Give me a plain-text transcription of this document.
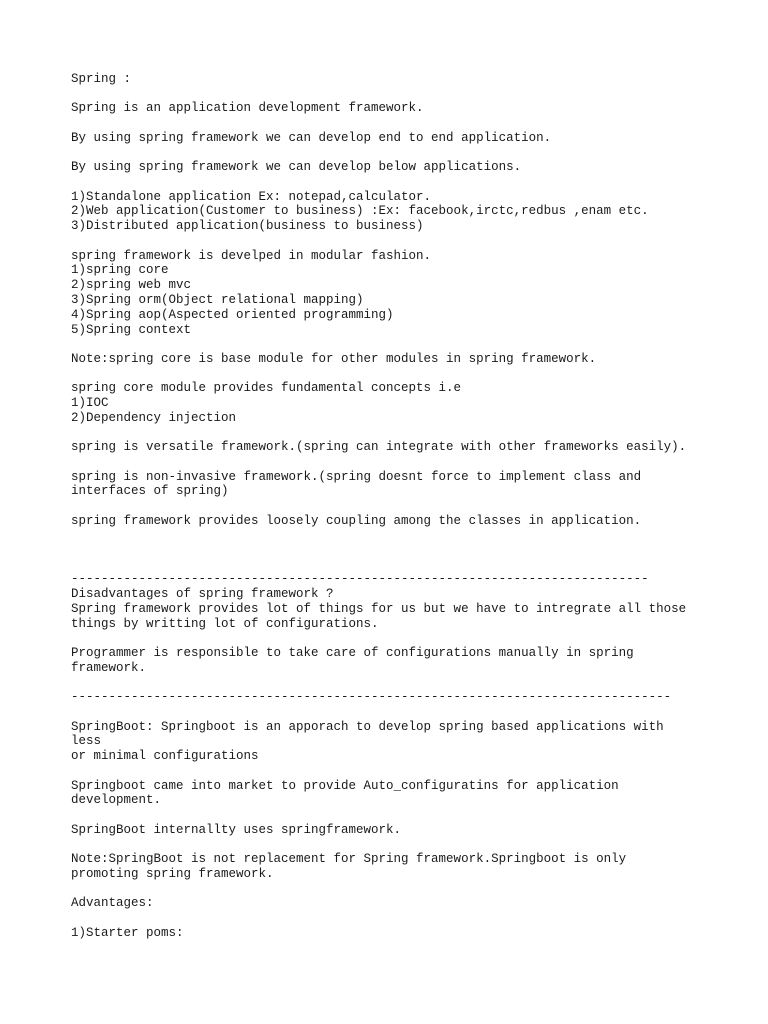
Spring :
Spring is an application development framework.
By using spring framework we can develop end to end application.
By using spring framework we can develop below applications.
1)Standalone application Ex: notepad,calculator.
2)Web application(Customer to business) :Ex: facebook,irctc,redbus ,enam etc.
3)Distributed application(business to business)
spring framework is develped in modular fashion.
1)spring core
2)spring web mvc
3)Spring orm(Object relational mapping)
4)Spring aop(Aspected oriented programming)
5)Spring context
Note:spring core is base module for other modules in spring framework.
spring core module provides fundamental concepts i.e
1)IOC
2)Dependency injection
spring is versatile framework.(spring can integrate with other frameworks easily).
spring is non-invasive framework.(spring doesnt force to implement class and
interfaces of spring)
spring framework provides loosely coupling among the classes in application.
-----------------------------------------------------------------------------
Disadvantages of spring framework ?
Spring framework provides lot of things for us but we have to intregrate all those
things by writting lot of configurations.
Programmer is responsible to take care of configurations manually in spring
framework.
--------------------------------------------------------------------------------
SpringBoot: Springboot is an apporach to develop spring based applications with
less
or minimal configurations
Springboot came into market to provide Auto_configuratins for application
development.
SpringBoot internallty uses springframework.
Note:SpringBoot is not replacement for Spring framework.Springboot is only
promoting spring framework.
Advantages:
1)Starter poms:
